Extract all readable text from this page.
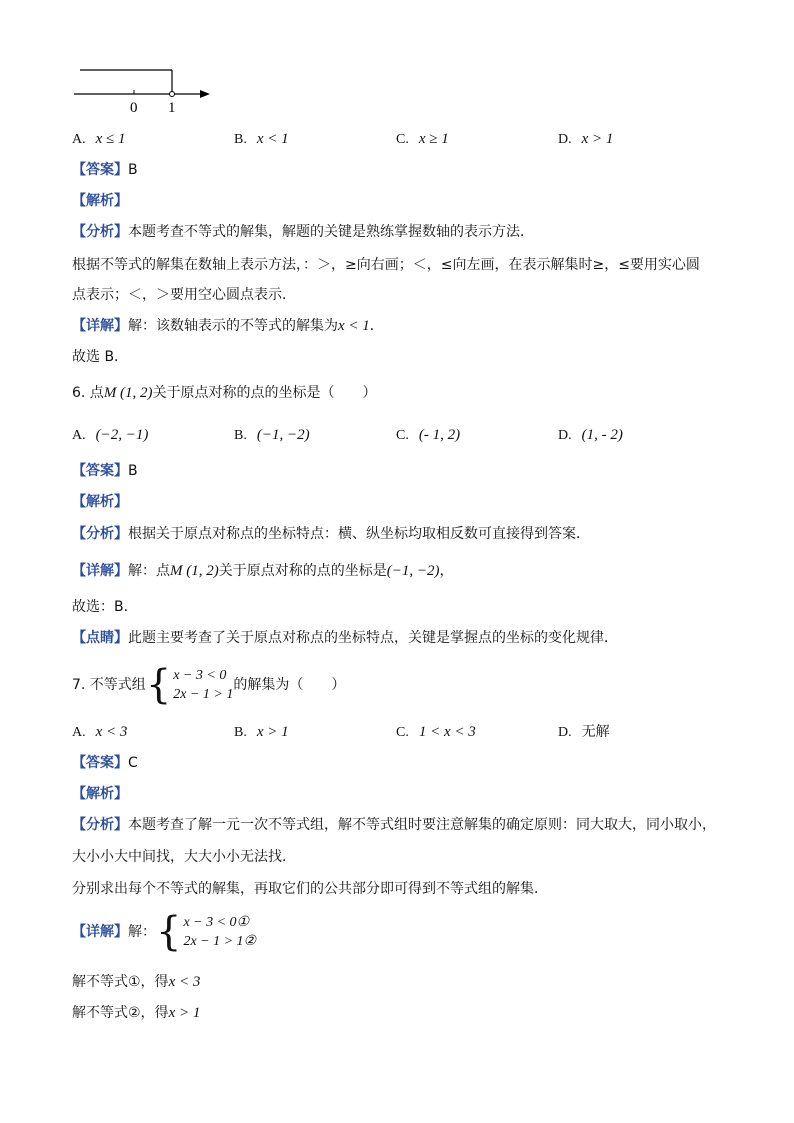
0 1
A. x ≤ 1	B. x < 1	C. x ≥ 1	D. x > 1
【答案】B
【解析】
【分析】本题考查不等式的解集，解题的关键是熟练掌握数轴的表示方法．
根据不等式的解集在数轴上表示方法，：＞，≥向右画；＜，≤向左画，在表示解集时≥，≤要用实心圆
点表示；＜，＞要用空心圆点表示．
【详解】解：该数轴表示的不等式的解集为x < 1．
故选 B．
6. 点M (1, 2)关于原点对称的点的坐标是（　　）
A. (−2, −1)	B. (−1, −2)	C. (- 1, 2)	D. (1, - 2)
【答案】B
【解析】
【分析】根据关于原点对称点的坐标特点：横、纵坐标均取相反数可直接得到答案．
【详解】解：点M (1, 2)关于原点对称的点的坐标是(−1, −2)，
故选：B．
【点睛】此题主要考查了关于原点对称点的坐标特点，关键是掌握点的坐标的变化规律．
7. 不等式组 { x − 3 < 0
2x − 1 > 1
的解集为（　　）
A. x < 3	B. x > 1	C. 1 < x < 3	D. 无解
【答案】C
【解析】
【分析】本题考查了解一元一次不等式组，解不等式组时要注意解集的确定原则：同大取大，同小取小，
大小小大中间找，大大小小无法找．
分别求出每个不等式的解集，再取它们的公共部分即可得到不等式组的解集．
【详解】解： { x − 3 < 0①
2x − 1 > 1②
解不等式①，得x < 3
解不等式②，得x > 1
